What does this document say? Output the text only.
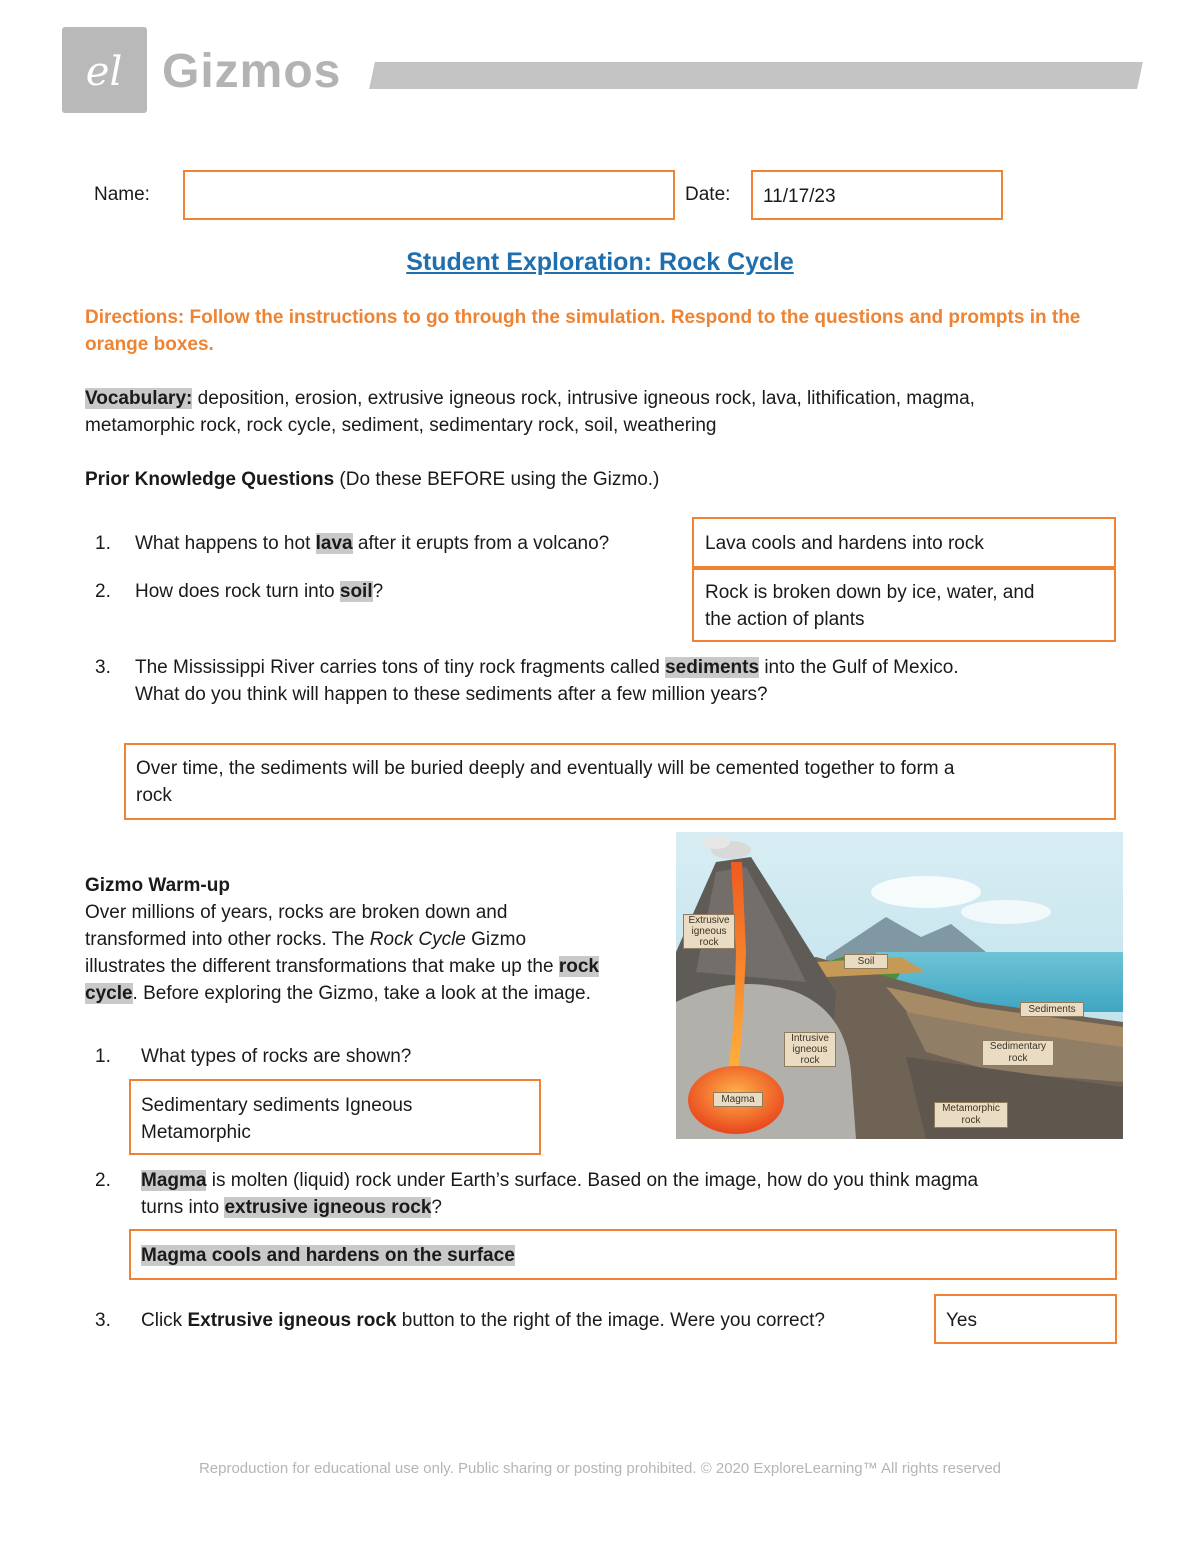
el Gizmos
Name:	Date:	11/17/23
Student Exploration: Rock Cycle
Directions: Follow the instructions to go through the simulation. Respond to the questions and prompts in the orange boxes.
Vocabulary: deposition, erosion, extrusive igneous rock, intrusive igneous rock, lava, lithification, magma,
metamorphic rock, rock cycle, sediment, sedimentary rock, soil, weathering
Prior Knowledge Questions (Do these BEFORE using the Gizmo.)
1. What happens to hot lava after it erupts from a volcano?	Lava cools and hardens into rock
2. How does rock turn into soil?	Rock is broken down by ice, water, and
the action of plants
3. The Mississippi River carries tons of tiny rock fragments called sediments into the Gulf of Mexico.
What do you think will happen to these sediments after a few million years?
Over time, the sediments will be buried deeply and eventually will be cemented together to form a
rock
Gizmo Warm-up
Over millions of years, rocks are broken down and
transformed into other rocks. The Rock Cycle Gizmo
illustrates the different transformations that make up the rock
cycle. Before exploring the Gizmo, take a look at the image.
Extrusive
igneous
rock
Soil
Sediments
Intrusive
igneous
rock
Sedimentary
rock
Magma
Metamorphic
rock
1. What types of rocks are shown?
Sedimentary sediments Igneous
Metamorphic
2. Magma is molten (liquid) rock under Earth’s surface. Based on the image, how do you think magma
turns into extrusive igneous rock?
Magma cools and hardens on the surface
3. Click Extrusive igneous rock button to the right of the image. Were you correct?	Yes
Reproduction for educational use only. Public sharing or posting prohibited. © 2020 ExploreLearning™ All rights reserved
